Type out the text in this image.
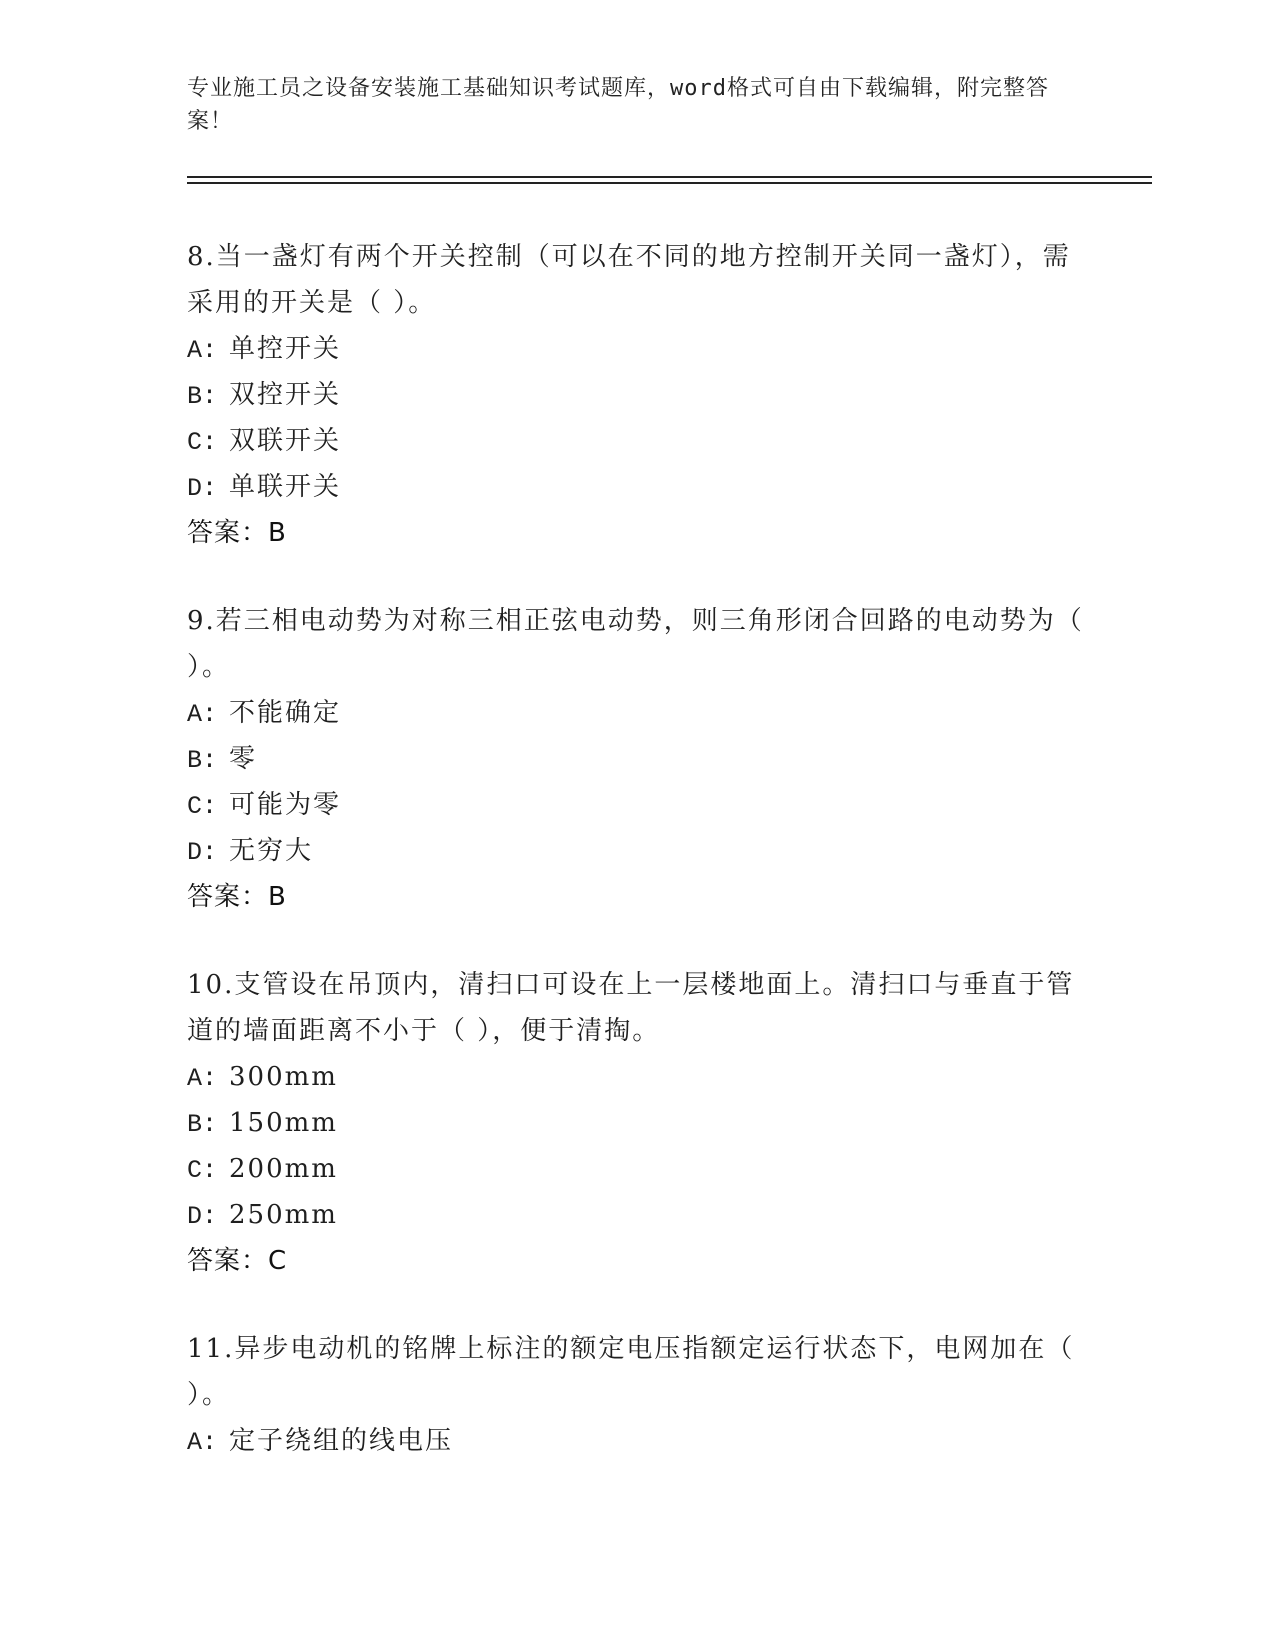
专业施工员之设备安装施工基础知识考试题库，word格式可自由下载编辑，附完整答案！
8.当一盏灯有两个开关控制（可以在不同的地方控制开关同一盏灯），需采用的开关是（ ）。
A: 单控开关
B: 双控开关
C: 双联开关
D: 单联开关
答案：B
9.若三相电动势为对称三相正弦电动势，则三角形闭合回路的电动势为（ ）。
A: 不能确定
B: 零
C: 可能为零
D: 无穷大
答案：B
10.支管设在吊顶内，清扫口可设在上一层楼地面上。清扫口与垂直于管道的墙面距离不小于（ ），便于清掏。
A: 300mm
B: 150mm
C: 200mm
D: 250mm
答案：C
11.异步电动机的铭牌上标注的额定电压指额定运行状态下，电网加在（ ）。
A: 定子绕组的线电压
